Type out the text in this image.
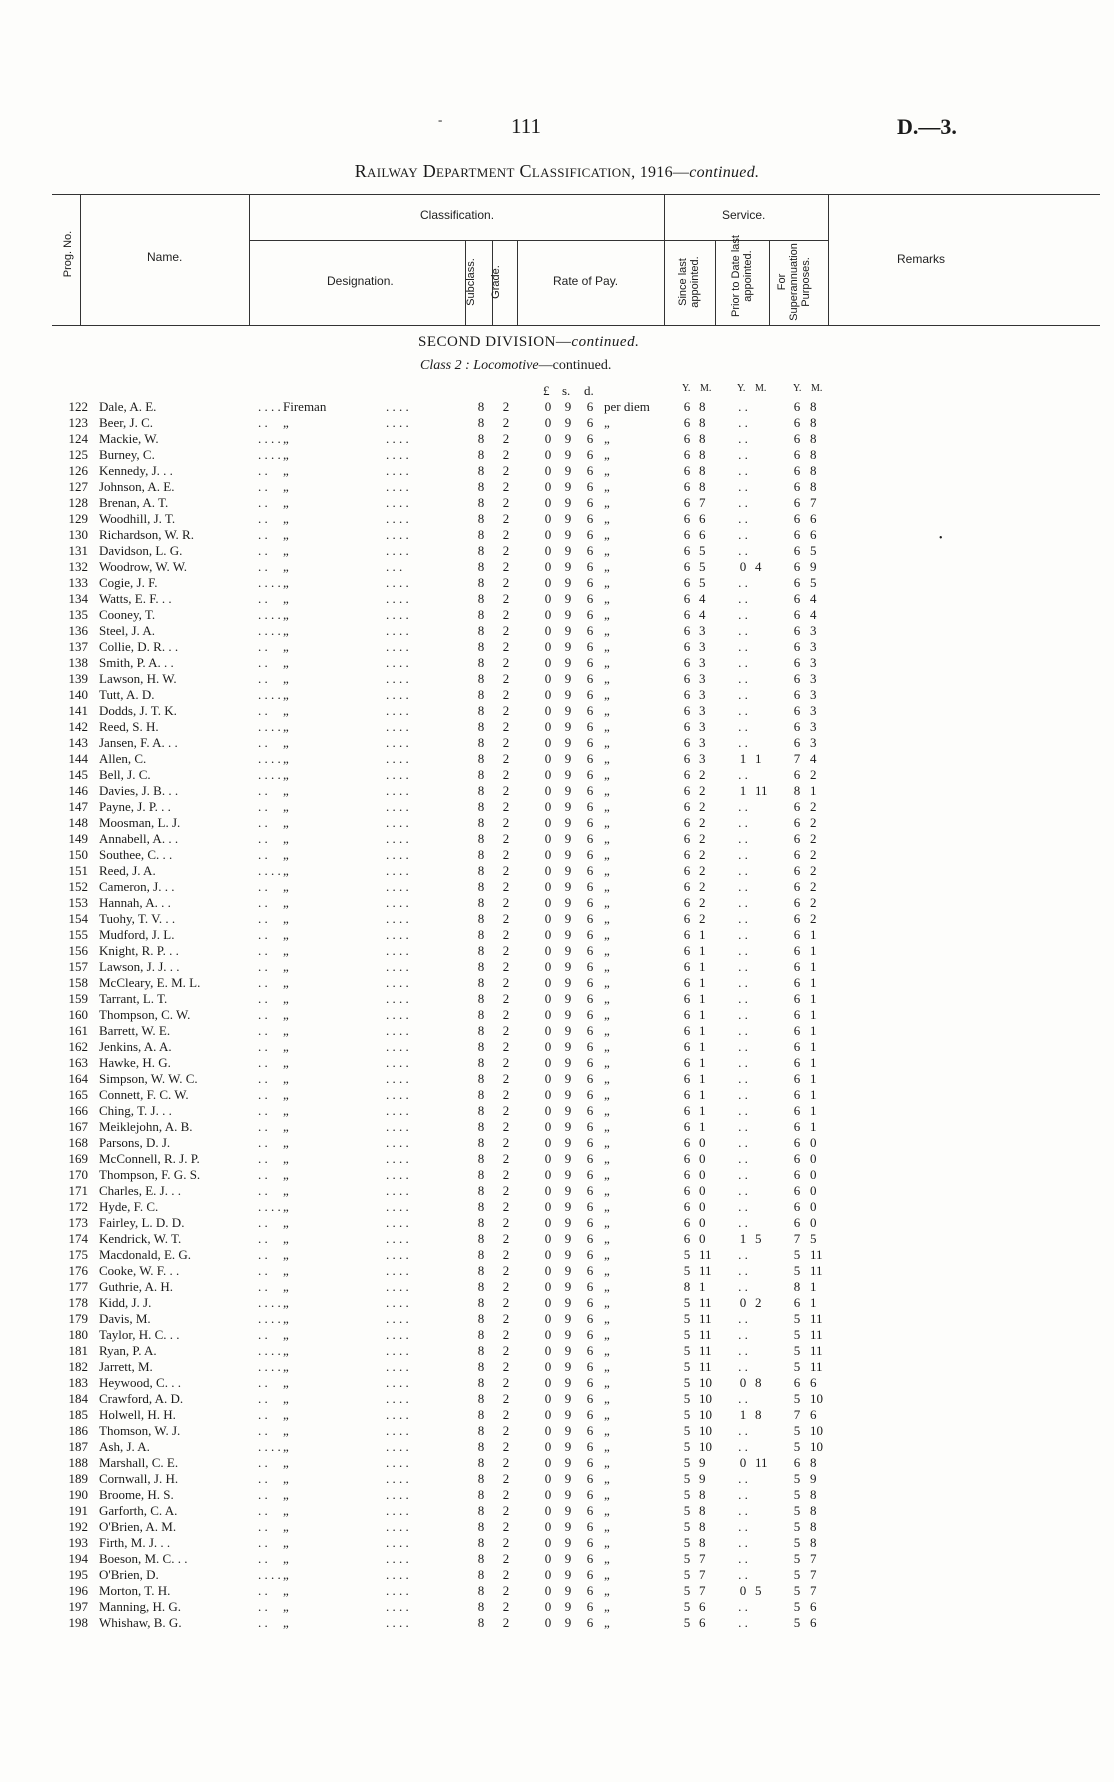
-	111	D.—3.
Railway Department Classification, 1916—continued.
Prog. No.	Name.
Classification.	Service.
Designation.	Subclass. Grade.	Rate of Pay.	Since last appointed.	Prior to Date last appointed. For Superannuation Purposes.	Remarks
SECOND DIVISION—continued.
Class 2 : Locomotive—continued.
£ s. d.	Y. M.	Y. M.	Y. M.
•
122 Dale, A. E.	. . . . Fireman	. . . .	8 2	0 9 6 per diem	6 8	. .	6 8
123 Beer, J. C.	. . „	. . . .	8 2	0 9 6 „	6 8	. .	6 8
124 Mackie, W.	. . . . „	. . . .	8 2	0 9 6 „	6 8	. .	6 8
125 Burney, C.	. . . . „	. . . .	8 2	0 9 6 „	6 8	. .	6 8
126 Kennedy, J. . .	. . „	. . . .	8 2	0 9 6 „	6 8	. .	6 8
127 Johnson, A. E.	. . „	. . . .	8 2	0 9 6 „	6 8	. .	6 8
128 Brenan, A. T.	. . „	. . . .	8 2	0 9 6 „	6 7	. .	6 7
129 Woodhill, J. T.	. . „	. . . .	8 2	0 9 6 „	6 6	. .	6 6
130 Richardson, W. R.	. . „	. . . .	8 2	0 9 6 „	6 6	. .	6 6
131 Davidson, L. G.	. . „	. . . .	8 2	0 9 6 „	6 5	. .	6 5
132 Woodrow, W. W.	. . „	. . .	8 2	0 9 6 „	6 5	0 4	6 9
133 Cogie, J. F.	. . . . „	. . . .	8 2	0 9 6 „	6 5	. .	6 5
134 Watts, E. F. . .	. . „	. . . .	8 2	0 9 6 „	6 4	. .	6 4
135 Cooney, T.	. . . . „	. . . .	8 2	0 9 6 „	6 4	. .	6 4
136 Steel, J. A.	. . . . „	. . . .	8 2	0 9 6 „	6 3	. .	6 3
137 Collie, D. R. . .	. . „	. . . .	8 2	0 9 6 „	6 3	. .	6 3
138 Smith, P. A. . .	. . „	. . . .	8 2	0 9 6 „	6 3	. .	6 3
139 Lawson, H. W.	. . „	. . . .	8 2	0 9 6 „	6 3	. .	6 3
140 Tutt, A. D.	. . . . „	. . . .	8 2	0 9 6 „	6 3	. .	6 3
141 Dodds, J. T. K.	. . „	. . . .	8 2	0 9 6 „	6 3	. .	6 3
142 Reed, S. H.	. . . . „	. . . .	8 2	0 9 6 „	6 3	. .	6 3
143 Jansen, F. A. . .	. . „	. . . .	8 2	0 9 6 „	6 3	. .	6 3
144 Allen, C.	. . . . „	. . . .	8 2	0 9 6 „	6 3	1 1	7 4
145 Bell, J. C.	. . . . „	. . . .	8 2	0 9 6 „	6 2	. .	6 2
146 Davies, J. B. . .	. . „	. . . .	8 2	0 9 6 „	6 2	1 11	8 1
147 Payne, J. P. . .	. . „	. . . .	8 2	0 9 6 „	6 2	. .	6 2
148 Moosman, L. J.	. . „	. . . .	8 2	0 9 6 „	6 2	. .	6 2
149 Annabell, A. . .	. . „	. . . .	8 2	0 9 6 „	6 2	. .	6 2
150 Southee, C. . .	. . „	. . . .	8 2	0 9 6 „	6 2	. .	6 2
151 Reed, J. A.	. . . . „	. . . .	8 2	0 9 6 „	6 2	. .	6 2
152 Cameron, J. . .	. . „	. . . .	8 2	0 9 6 „	6 2	. .	6 2
153 Hannah, A. . .	. . „	. . . .	8 2	0 9 6 „	6 2	. .	6 2
154 Tuohy, T. V. . .	. . „	. . . .	8 2	0 9 6 „	6 2	. .	6 2
155 Mudford, J. L.	. . „	. . . .	8 2	0 9 6 „	6 1	. .	6 1
156 Knight, R. P. . .	. . „	. . . .	8 2	0 9 6 „	6 1	. .	6 1
157 Lawson, J. J. . .	. . „	. . . .	8 2	0 9 6 „	6 1	. .	6 1
158 McCleary, E. M. L.	. . „	. . . .	8 2	0 9 6 „	6 1	. .	6 1
159 Tarrant, L. T.	. . „	. . . .	8 2	0 9 6 „	6 1	. .	6 1
160 Thompson, C. W.	. . „	. . . .	8 2	0 9 6 „	6 1	. .	6 1
161 Barrett, W. E.	. . „	. . . .	8 2	0 9 6 „	6 1	. .	6 1
162 Jenkins, A. A.	. . „	. . . .	8 2	0 9 6 „	6 1	. .	6 1
163 Hawke, H. G.	. . „	. . . .	8 2	0 9 6 „	6 1	. .	6 1
164 Simpson, W. W. C.	. . „	. . . .	8 2	0 9 6 „	6 1	. .	6 1
165 Connett, F. C. W.	. . „	. . . .	8 2	0 9 6 „	6 1	. .	6 1
166 Ching, T. J. . .	. . „	. . . .	8 2	0 9 6 „	6 1	. .	6 1
167 Meiklejohn, A. B.	. . „	. . . .	8 2	0 9 6 „	6 1	. .	6 1
168 Parsons, D. J.	. . „	. . . .	8 2	0 9 6 „	6 0	. .	6 0
169 McConnell, R. J. P.	. . „	. . . .	8 2	0 9 6 „	6 0	. .	6 0
170 Thompson, F. G. S.	. . „	. . . .	8 2	0 9 6 „	6 0	. .	6 0
171 Charles, E. J. . .	. . „	. . . .	8 2	0 9 6 „	6 0	. .	6 0
172 Hyde, F. C.	. . . . „	. . . .	8 2	0 9 6 „	6 0	. .	6 0
173 Fairley, L. D. D.	. . „	. . . .	8 2	0 9 6 „	6 0	. .	6 0
174 Kendrick, W. T.	. . „	. . . .	8 2	0 9 6 „	6 0	1 5	7 5
175 Macdonald, E. G.	. . „	. . . .	8 2	0 9 6 „	5 11	. .	5 11
176 Cooke, W. F. . .	. . „	. . . .	8 2	0 9 6 „	5 11	. .	5 11
177 Guthrie, A. H.	. . „	. . . .	8 2	0 9 6 „	8 1	. .	8 1
178 Kidd, J. J.	. . . . „	. . . .	8 2	0 9 6 „	5 11	0 2	6 1
179 Davis, M.	. . . . „	. . . .	8 2	0 9 6 „	5 11	. .	5 11
180 Taylor, H. C. . .	. . „	. . . .	8 2	0 9 6 „	5 11	. .	5 11
181 Ryan, P. A.	. . . . „	. . . .	8 2	0 9 6 „	5 11	. .	5 11
182 Jarrett, M.	. . . . „	. . . .	8 2	0 9 6 „	5 11	. .	5 11
183 Heywood, C. . .	. . „	. . . .	8 2	0 9 6 „	5 10	0 8	6 6
184 Crawford, A. D.	. . „	. . . .	8 2	0 9 6 „	5 10	. .	5 10
185 Holwell, H. H.	. . „	. . . .	8 2	0 9 6 „	5 10	1 8	7 6
186 Thomson, W. J.	. . „	. . . .	8 2	0 9 6 „	5 10	. .	5 10
187 Ash, J. A.	. . . . „	. . . .	8 2	0 9 6 „	5 10	. .	5 10
188 Marshall, C. E.	. . „	. . . .	8 2	0 9 6 „	5 9	0 11	6 8
189 Cornwall, J. H.	. . „	. . . .	8 2	0 9 6 „	5 9	. .	5 9
190 Broome, H. S.	. . „	. . . .	8 2	0 9 6 „	5 8	. .	5 8
191 Garforth, C. A.	. . „	. . . .	8 2	0 9 6 „	5 8	. .	5 8
192 O'Brien, A. M.	. . „	. . . .	8 2	0 9 6 „	5 8	. .	5 8
193 Firth, M. J. . .	. . „	. . . .	8 2	0 9 6 „	5 8	. .	5 8
194 Boeson, M. C. . .	. . „	. . . .	8 2	0 9 6 „	5 7	. .	5 7
195 O'Brien, D.	. . . . „	. . . .	8 2	0 9 6 „	5 7	. .	5 7
196 Morton, T. H.	. . „	. . . .	8 2	0 9 6 „	5 7	0 5	5 7
197 Manning, H. G.	. . „	. . . .	8 2	0 9 6 „	5 6	. .	5 6
198 Whishaw, B. G.	. . „	. . . .	8 2	0 9 6 „	5 6	. .	5 6
